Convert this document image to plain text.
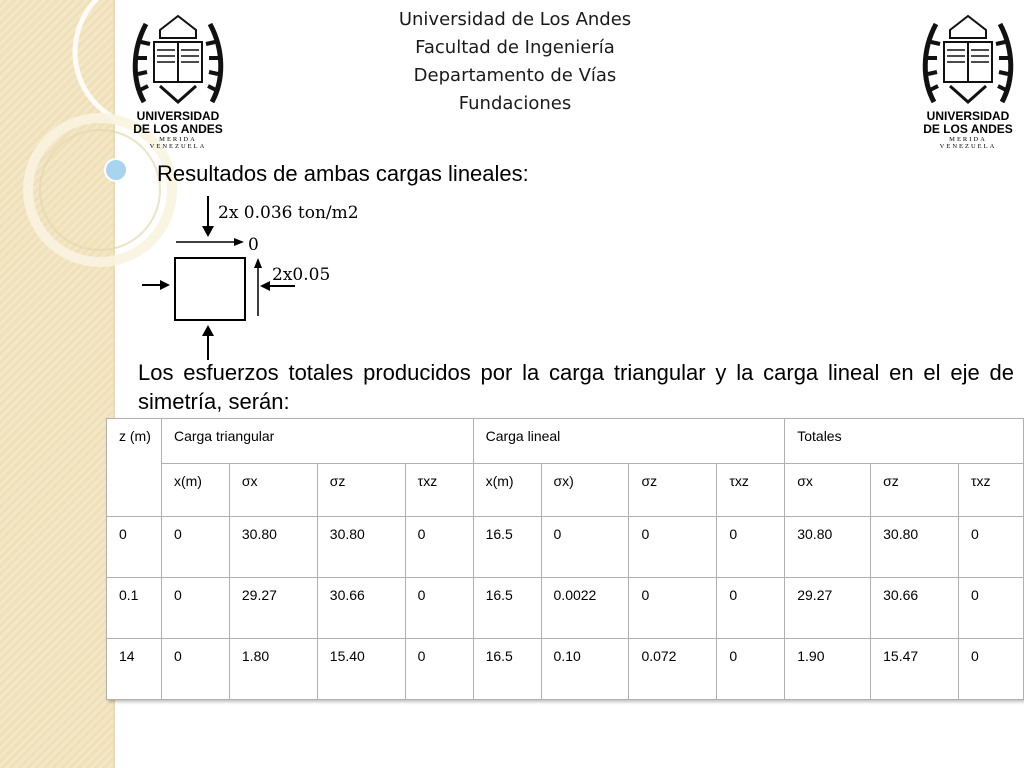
Universidad de Los Andes
Facultad de Ingeniería
Departamento de Vías
Fundaciones
UNIVERSIDAD
DE LOS ANDES
MERIDA VENEZUELA
UNIVERSIDAD
DE LOS ANDES
MERIDA VENEZUELA
Resultados de ambas cargas lineales:
2x 0.036 ton/m2
0
2x0.05
Los esfuerzos totales producidos por la carga triangular y la carga lineal en el eje de simetría, serán:
z (m)	Carga triangular				Carga lineal				Totales		
	x(m)	σx	σz	τxz	x(m)	σx)	σz	τxz	σx	σz	τxz
0	0	30.80	30.80	0	16.5	0	0	0	30.80	30.80	0
0.1	0	29.27	30.66	0	16.5	0.0022	0	0	29.27	30.66	0
14	0	1.80	15.40	0	16.5	0.10	0.072	0	1.90	15.47	0
